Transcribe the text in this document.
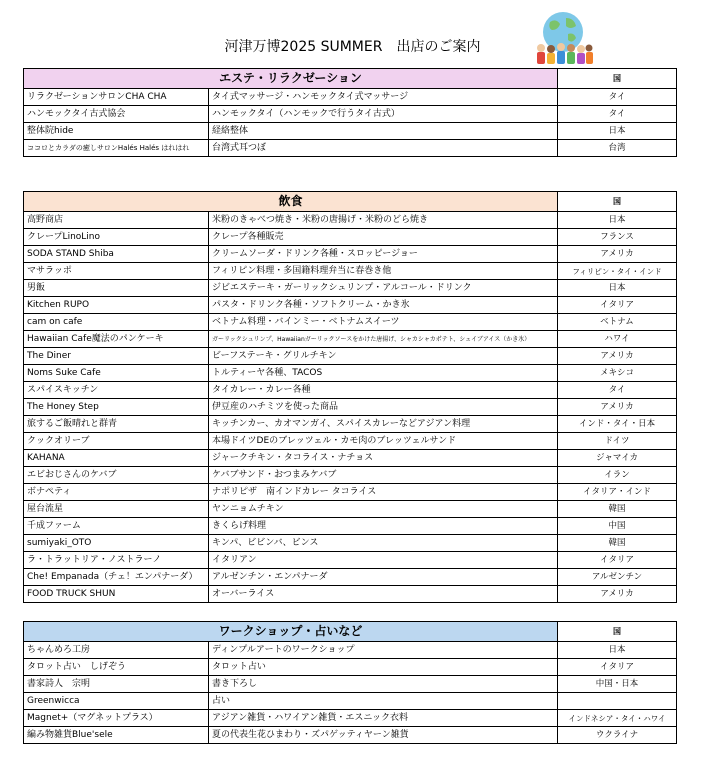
河津万博2025 SUMMER　出店のご案内
エステ・リラクゼーション		国
リラクゼーションサロンCHA CHA	タイ式マッサージ・ハンモックタイ式マッサージ	タイ
ハンモックタイ古式協会	ハンモックタイ（ハンモックで行うタイ古式）	タイ
整体院hide	経絡整体	日本
ココロとカラダの癒しサロンHalés Halés はれはれ	台湾式耳つぼ	台湾
飲食		国
高野商店	米粉のきゃべつ焼き・米粉の唐揚げ・米粉のどら焼き	日本
クレープLinoLino	クレープ各種販売	フランス
SODA STAND Shiba	クリームソーダ・ドリンク各種・スロッピージョー	アメリカ
マサラッポ	フィリピン料理・多国籍料理弁当に春巻き他	フィリピン・タイ・インド
男飯	ジビエステーキ・ガーリックシュリンプ・アルコール・ドリンク	日本
Kitchen RUPO	パスタ・ドリンク各種・ソフトクリーム・かき氷	イタリア
cam on cafe	ベトナム料理・バインミー・ベトナムスイーツ	ベトナム
Hawaiian Cafe魔法のパンケーキ	ガーリックシュリンプ、Hawaiianガーリックソースをかけた唐揚げ、シャカシャカポテト、シェイブアイス（かき氷）	ハワイ
The Diner	ビーフステーキ・グリルチキン	アメリカ
Noms Suke Cafe	トルティーヤ各種、TACOS	メキシコ
スパイスキッチン	タイカレー・カレー各種	タイ
The Honey Step	伊豆産のハチミツを使った商品	アメリカ
旅するご飯晴れと群青	キッチンカー、カオマンガイ、スパイスカレーなどアジアン料理	インド・タイ・日本
クックオリーブ	本場ドイツDEのブレッツェル・カモ肉のブレッツェルサンド	ドイツ
KAHANA	ジャークチキン・タコライス・ナチョス	ジャマイカ
エビおじさんのケバブ	ケバブサンド・おつまみケバブ	イラン
ボナペティ	ナポリピザ　南インドカレー タコライス	イタリア・インド
屋台流星	ヤンニョムチキン	韓国
千成ファーム	きくらげ料理	中国
sumiyaki_OTO	キンパ、ビビンバ、ビンス	韓国
ラ・トラットリア・ノストラーノ	イタリアン	イタリア
Che! Empanada（チェ！エンパナーダ）	アルゼンチン・エンパナーダ	アルゼンチン
FOOD TRUCK SHUN	オーバーライス	アメリカ
ワークショップ・占いなど		国
ちゃんめろ工房	ディンプルアートのワークショップ	日本
タロット占い　しげぞう	タロット占い	イタリア
書家詩人　宗明	書き下ろし	中国・日本
Greenwicca	占い	
Magnet+（マグネットプラス）	アジアン雑貨・ハワイアン雑貨・エスニック衣料	インドネシア・タイ・ハワイ
編み物雑貨Blue'sele	夏の代表生花ひまわり・ズパゲッティヤーン雑貨	ウクライナ
